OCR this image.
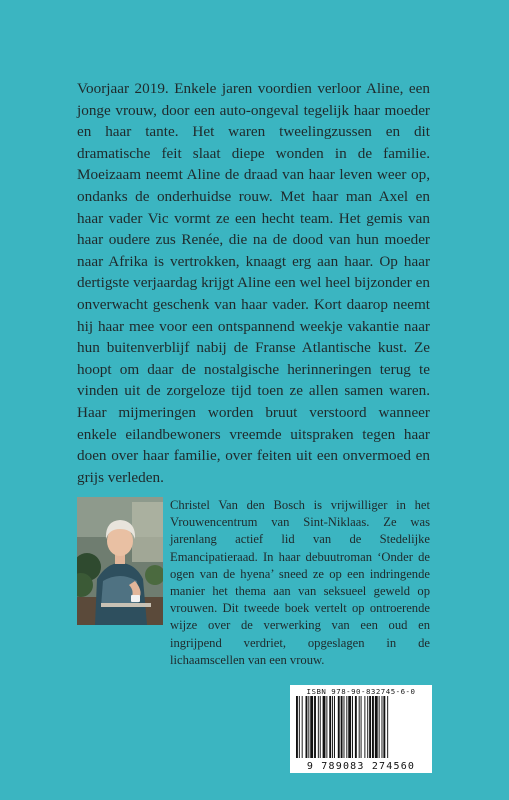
Voorjaar 2019. Enkele jaren voordien verloor Aline, een jonge vrouw, door een auto-ongeval tegelijk haar moeder en haar tante. Het waren tweelingzussen en dit dramatische feit slaat diepe wonden in de familie. Moeizaam neemt Aline de draad van haar leven weer op, ondanks de onderhuidse rouw. Met haar man Axel en haar vader Vic vormt ze een hecht team. Het gemis van haar oudere zus Renée, die na de dood van hun moeder naar Afrika is vertrokken, knaagt erg aan haar. Op haar dertigste verjaardag krijgt Aline een wel heel bijzonder en onverwacht geschenk van haar vader. Kort daarop neemt hij haar mee voor een ontspannend weekje vakantie naar hun buitenverblijf nabij de Franse Atlantische kust. Ze hoopt om daar de nostalgische herinneringen terug te vinden uit de zorgeloze tijd toen ze allen samen waren. Haar mijmeringen worden bruut verstoord wanneer enkele eilandbewoners vreemde uitspraken tegen haar doen over haar familie, over feiten uit een onvermoed en grijs verleden.

Christel Van den Bosch is vrijwilliger in het Vrouwencentrum van Sint-Niklaas. Ze was jarenlang actief lid van de Stedelijke Emancipatieraad. In haar debuutroman ‘Onder de ogen van de hyena’ sneed ze op een indringende manier het thema aan van seksueel geweld op vrouwen. Dit tweede boek vertelt op ontroerende wijze over de verwerking van een oud en ingrijpend verdriet, opgeslagen in de lichaamscellen van een vrouw.

ISBN 978-90-832745-6-0
9 789083 274560
